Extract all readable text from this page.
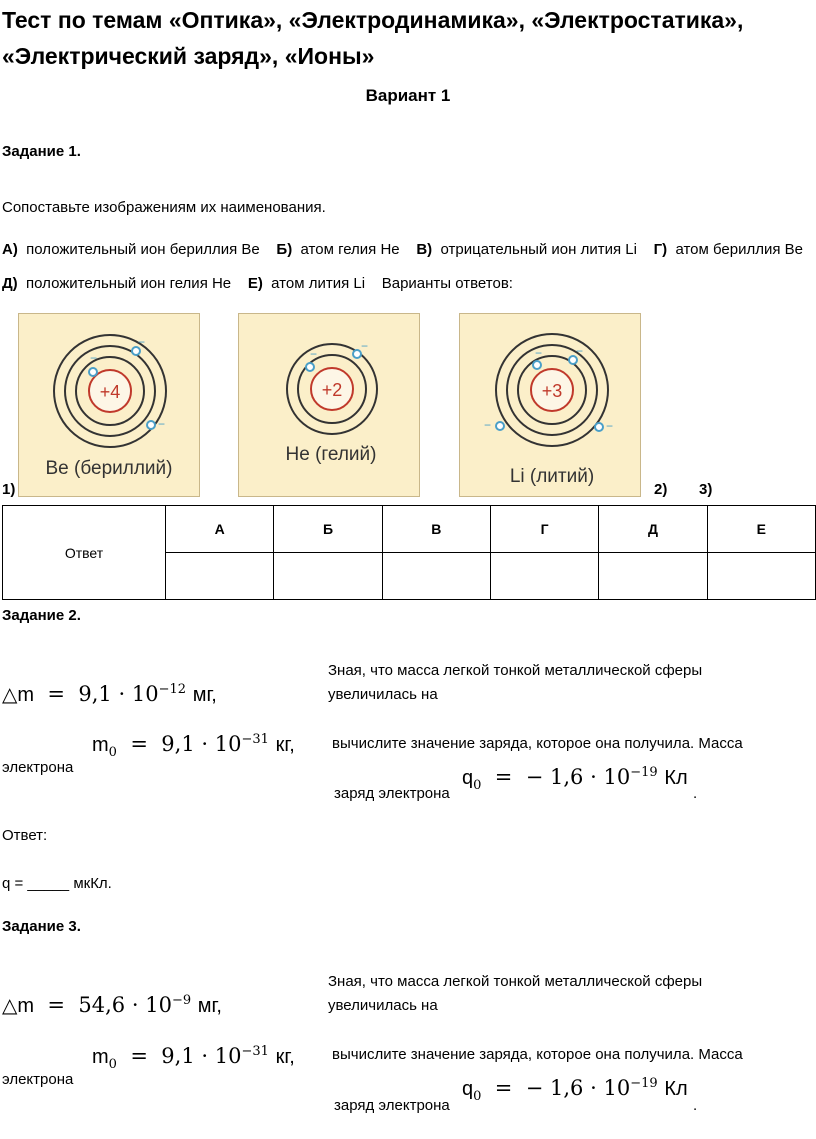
Тест по темам «Оптика», «Электродинамика», «Электростатика», «Электрический заряд», «Ионы»
Вариант 1
Задание 1.
Сопоставьте изображениям их наименования.
А) положительный ион бериллия Be Б) атом гелия He В) отрицательный ион лития Li Г) атом бериллия Be
Д) положительный ион гелия He Е) атом лития Li Варианты ответов:
+4
−
−
−
Be (бериллий)
+2
−
−
He (гелий)
+3
−	−
−	−
Li (литий)
1)	2) 3)
Ответ	А	Б	В	Г	Д	Е

Задание 2.
△m = $9,1 \cdot 10^{-12}$ мг,
Зная, что масса легкой тонкой металлической сферы увеличилась на
$m_0 = 9,1 \cdot 10^{-31}$ кг, вычислите значение заряда, которое она получила. Масса
электрона
заряд электрона
$q_0$ = − $1,6 \cdot 10^{-19}$ Кл
.
Ответ:
q = _____ мкКл.
Задание 3.
△m = $54,6 \cdot 10^{-9}$ мг,
Зная, что масса легкой тонкой металлической сферы увеличилась на
$m_0 = 9,1 \cdot 10^{-31}$ кг, вычислите значение заряда, которое она получила. Масса
электрона
заряд электрона
$q_0$ = − $1,6 \cdot 10^{-19}$ Кл
.
